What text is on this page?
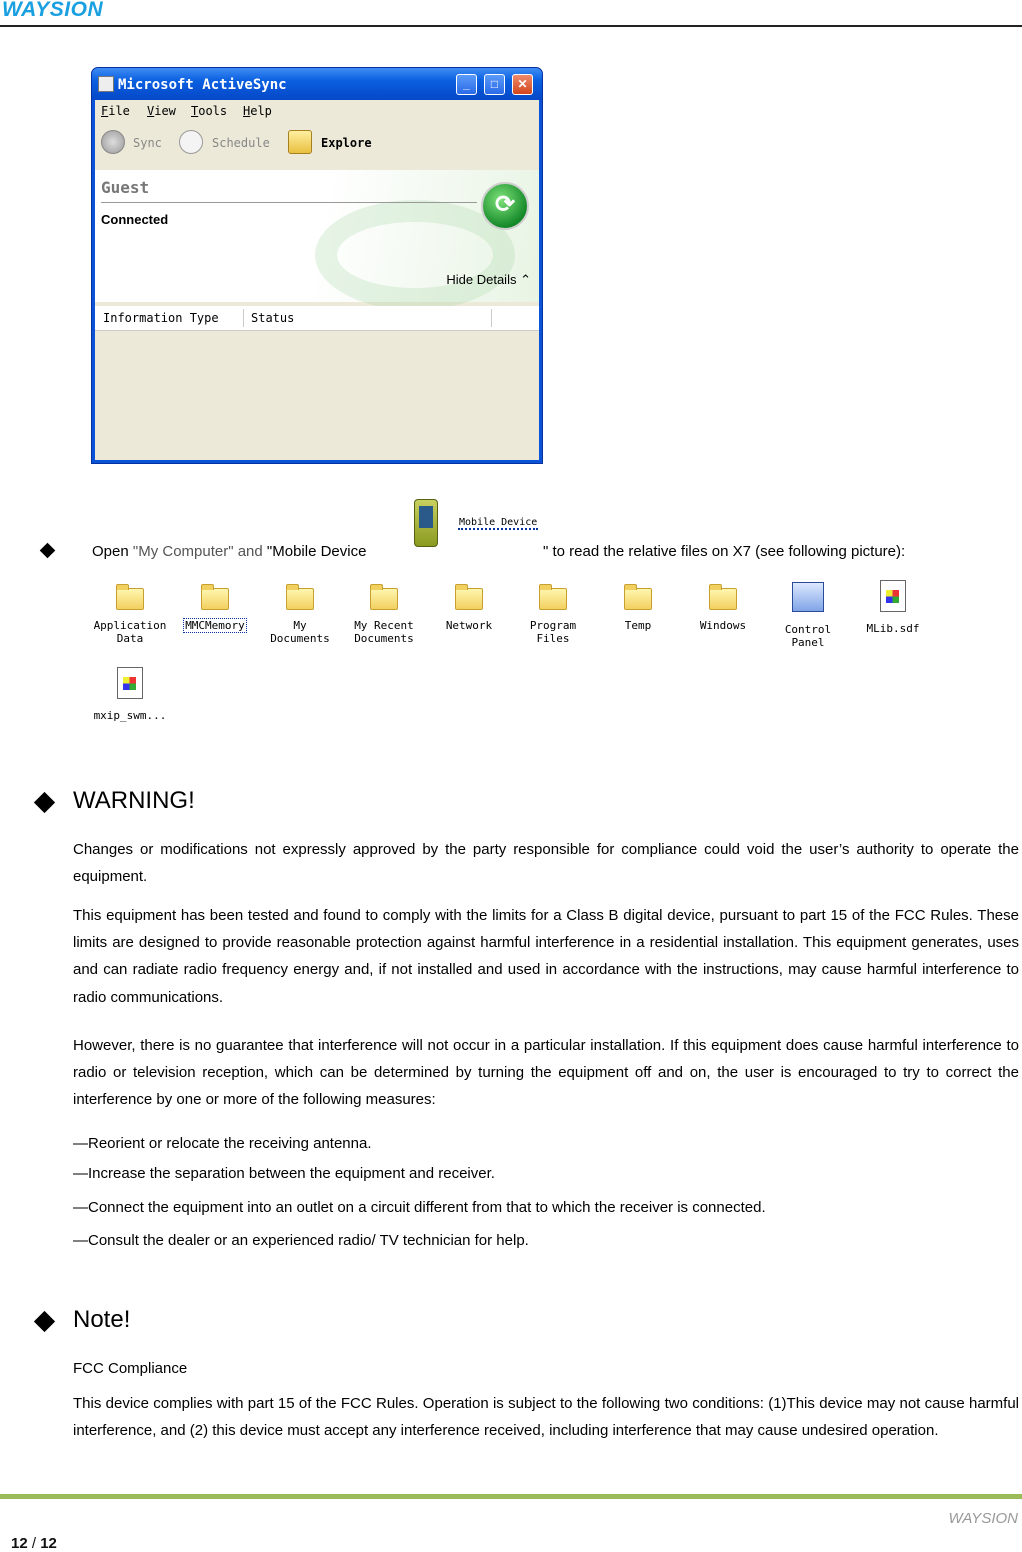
WAYSION
Microsoft ActiveSync	_	□	✕
File View Tools Help
Sync	Schedule	Explore
Guest
Connected
⟳
Hide Details ⌃
Information Type	Status
Open "My Computer" and "Mobile Device
Mobile Device
" to read the relative files on X7 (see following picture):
Application
Data
MMCMemory	My
Documents
My Recent
Documents
Network	Program
Files
Temp	Windows	Control
Panel
MLib.sdf
mxip_swm...
WARNING!

Changes or modifications not expressly approved by the party responsible for compliance could void the user’s authority to operate the equipment.

This equipment has been tested and found to comply with the limits for a Class B digital device, pursuant to part 15 of the FCC Rules. These limits are designed to provide reasonable protection against harmful interference in a residential installation. This equipment generates, uses and can radiate radio frequency energy and, if not installed and used in accordance with the instructions, may cause harmful interference to radio communications.

However, there is no guarantee that interference will not occur in a particular installation. If this equipment does cause harmful interference to radio or television reception, which can be determined by turning the equipment off and on, the user is encouraged to try to correct the interference by one or more of the following measures:

—Reorient or relocate the receiving antenna.

—Increase the separation between the equipment and receiver.

—Connect the equipment into an outlet on a circuit different from that to which the receiver is connected.

—Consult the dealer or an experienced radio/ TV technician for help.

Note!

FCC Compliance

This device complies with part 15 of the FCC Rules. Operation is subject to the following two conditions: (1)This device may not cause harmful interference, and (2) this device must accept any interference received, including interference that may cause undesired operation.

WAYSION
12 / 12
